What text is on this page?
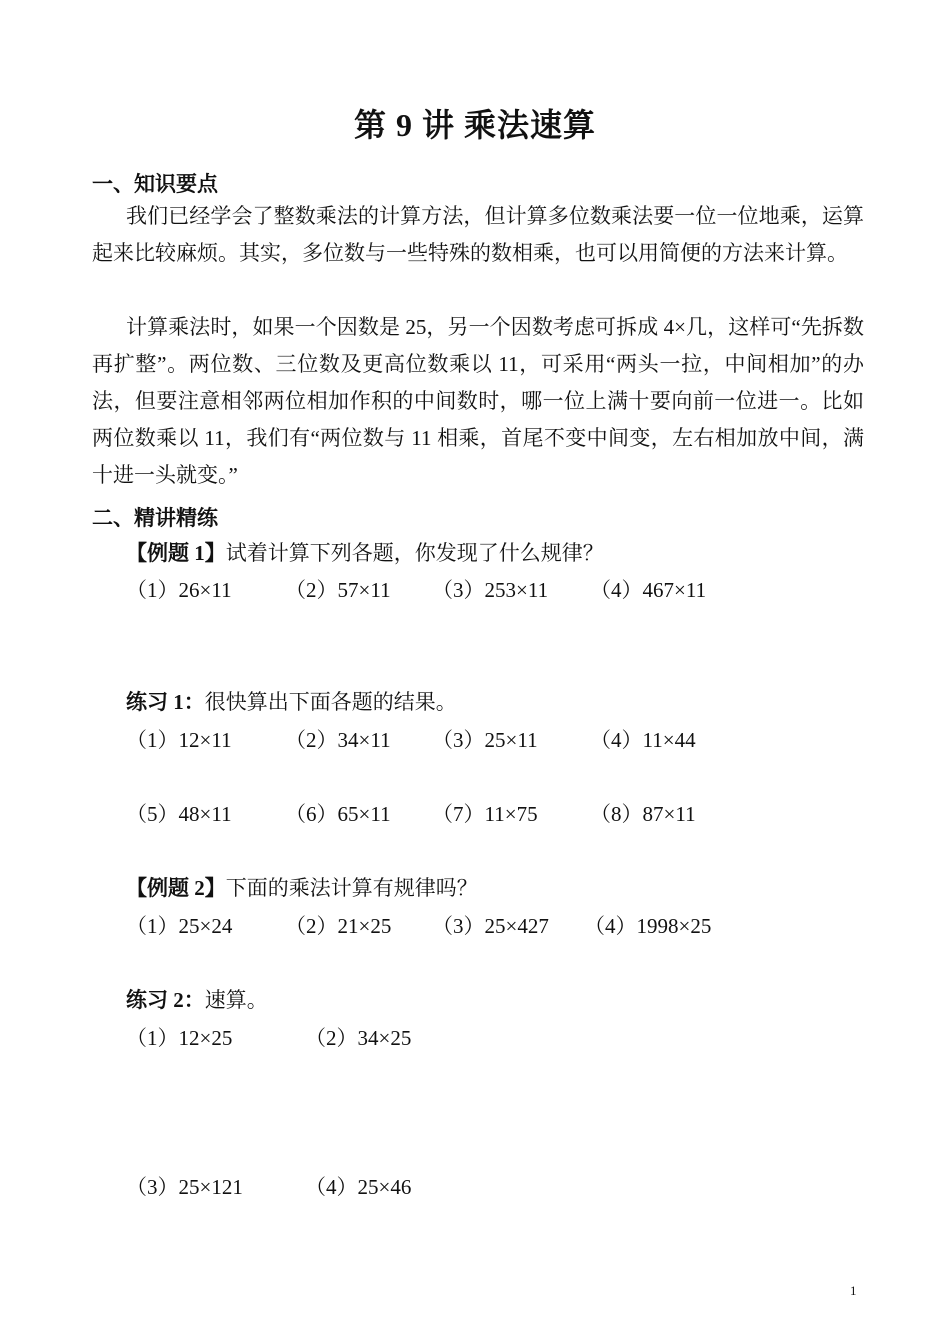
第 9 讲 乘法速算
一、知识要点
我们已经学会了整数乘法的计算方法，但计算多位数乘法要一位一位地乘，运算起来比较麻烦。其实，多位数与一些特殊的数相乘，也可以用简便的方法来计算。
计算乘法时，如果一个因数是 25，另一个因数考虑可拆成 4×几，这样可“先拆数再扩整”。两位数、三位数及更高位数乘以 11，可采用“两头一拉，中间相加”的办法，但要注意相邻两位相加作积的中间数时，哪一位上满十要向前一位进一。比如两位数乘以 11，我们有“两位数与 11 相乘，首尾不变中间变，左右相加放中间，满十进一头就变。”
二、精讲精练
【例题 1】试着计算下列各题，你发现了什么规律？
（1）26×11	（2）57×11 （3）253×11 （4）467×11
练习 1：很快算出下面各题的结果。
（1）12×11	（2）34×11 （3）25×11 （4）11×44
（5）48×11	（6）65×11 （7）11×75 （8）87×11
【例题 2】下面的乘法计算有规律吗？
（1）25×24	（2）21×25 （3）25×427 （4）1998×25
练习 2：速算。
（1）12×25	（2）34×25
（3）25×121	（4）25×46
1
